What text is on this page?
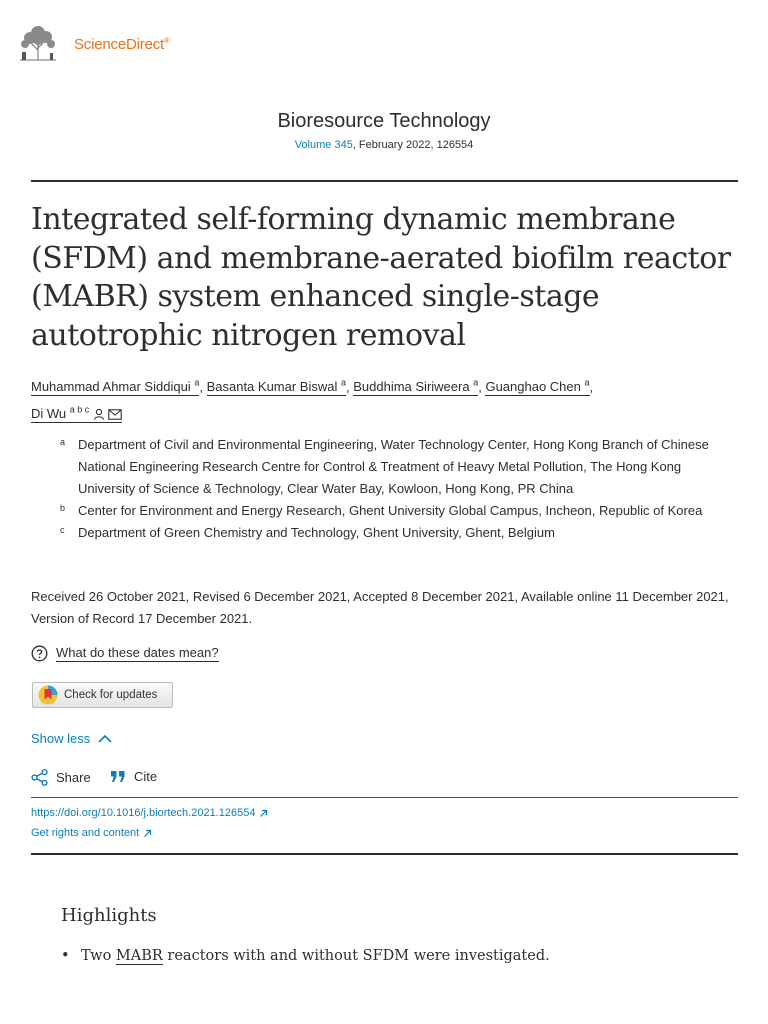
ScienceDirect®
Bioresource Technology
Volume 345, February 2022, 126554
Integrated self-forming dynamic membrane (SFDM) and membrane-aerated biofilm reactor (MABR) system enhanced single-stage autotrophic nitrogen removal
Muhammad Ahmar Siddiqui $^a$, Basanta Kumar Biswal $^a$, Buddhima Siriweera $^a$, Guanghao Chen $^a$,
Di Wu $^{a b c}$
a Department of Civil and Environmental Engineering, Water Technology Center, Hong Kong Branch of Chinese National Engineering Research Centre for Control & Treatment of Heavy Metal Pollution, The Hong Kong University of Science & Technology, Clear Water Bay, Kowloon, Hong Kong, PR China
b Center for Environment and Energy Research, Ghent University Global Campus, Incheon, Republic of Korea
c	Department of Green Chemistry and Technology, Ghent University, Ghent, Belgium
Received 26 October 2021, Revised 6 December 2021, Accepted 8 December 2021, Available online 11 December 2021, Version of Record 17 December 2021.
What do these dates mean?
Check for updates
Show less
Share	Cite
https://doi.org/10.1016/j.biortech.2021.126554
Get rights and content
Highlights
• Two MABR reactors with and without SFDM were investigated.
